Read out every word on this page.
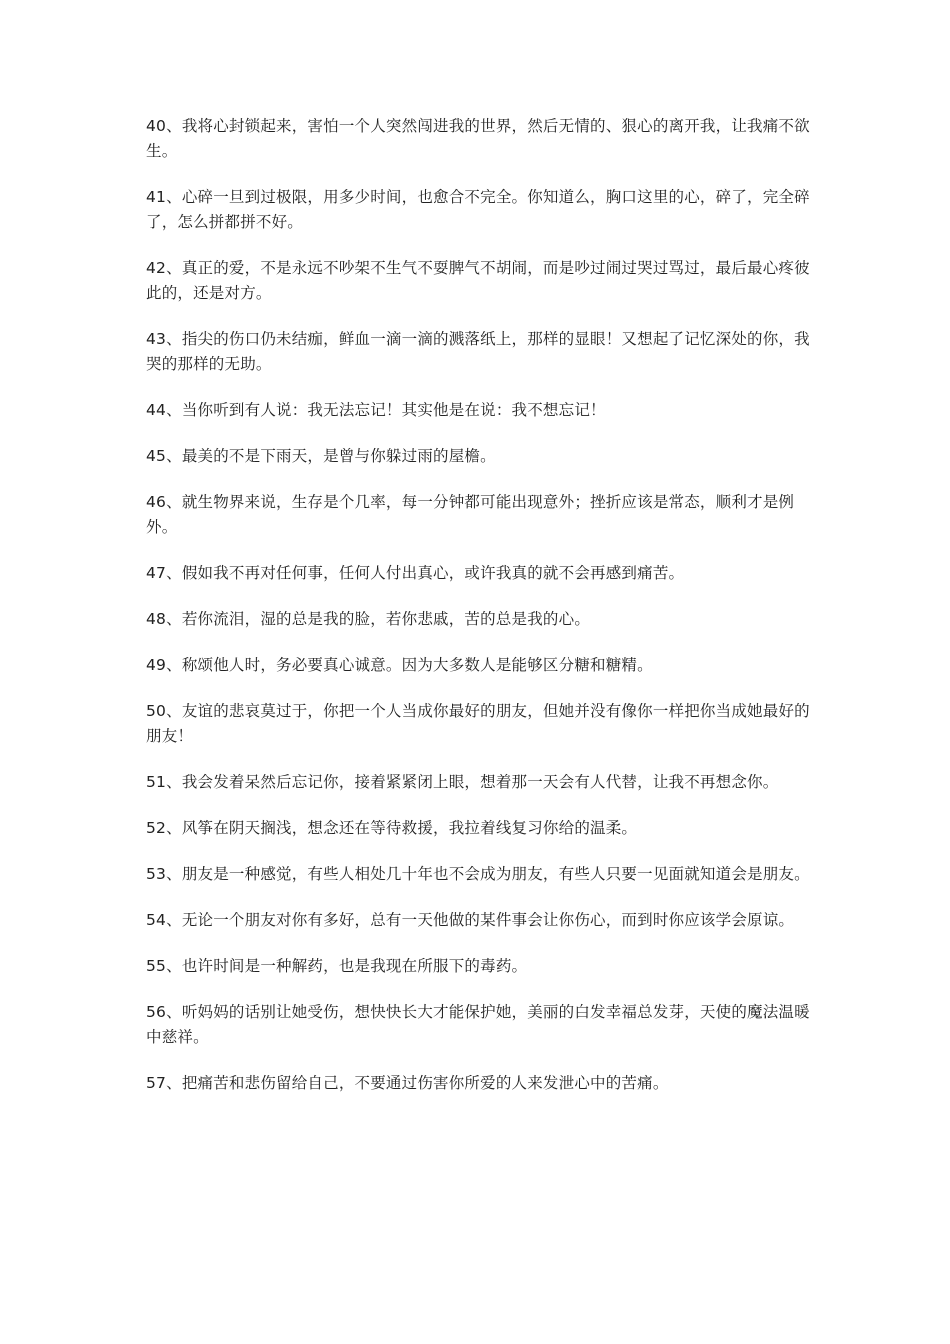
40、我将心封锁起来，害怕一个人突然闯进我的世界，然后无情的、狠心的离开我，让我痛不欲生。

41、心碎一旦到过极限，用多少时间，也愈合不完全。你知道么，胸口这里的心，碎了，完全碎了，怎么拼都拼不好。

42、真正的爱，不是永远不吵架不生气不耍脾气不胡闹，而是吵过闹过哭过骂过，最后最心疼彼此的，还是对方。

43、指尖的伤口仍未结痂，鲜血一滴一滴的溅落纸上，那样的显眼！又想起了记忆深处的你，我哭的那样的无助。

44、当你听到有人说：我无法忘记！其实他是在说：我不想忘记！

45、最美的不是下雨天，是曾与你躲过雨的屋檐。

46、就生物界来说，生存是个几率，每一分钟都可能出现意外；挫折应该是常态，顺利才是例外。

47、假如我不再对任何事，任何人付出真心，或许我真的就不会再感到痛苦。

48、若你流泪，湿的总是我的脸，若你悲戚，苦的总是我的心。

49、称颂他人时，务必要真心诚意。因为大多数人是能够区分糖和糖精。

50、友谊的悲哀莫过于，你把一个人当成你最好的朋友，但她并没有像你一样把你当成她最好的朋友！

51、我会发着呆然后忘记你，接着紧紧闭上眼，想着那一天会有人代替，让我不再想念你。

52、风筝在阴天搁浅，想念还在等待救援，我拉着线复习你给的温柔。

53、朋友是一种感觉，有些人相处几十年也不会成为朋友，有些人只要一见面就知道会是朋友。

54、无论一个朋友对你有多好，总有一天他做的某件事会让你伤心，而到时你应该学会原谅。

55、也许时间是一种解药，也是我现在所服下的毒药。

56、听妈妈的话别让她受伤，想快快长大才能保护她，美丽的白发幸福总发芽，天使的魔法温暖中慈祥。

57、把痛苦和悲伤留给自己，不要通过伤害你所爱的人来发泄心中的苦痛。
